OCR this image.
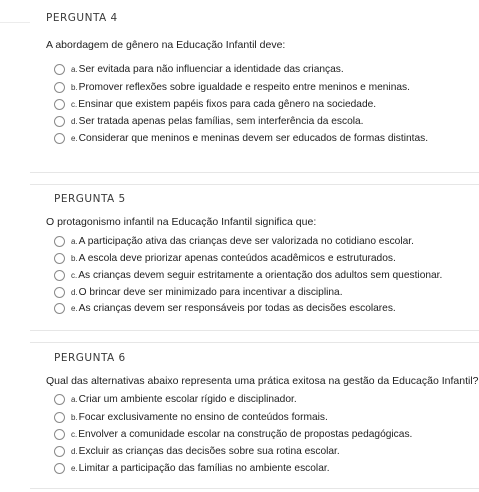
PERGUNTA 4
A abordagem de gênero na Educação Infantil deve:
a. Ser evitada para não influenciar a identidade das crianças.
b. Promover reflexões sobre igualdade e respeito entre meninos e meninas.
c. Ensinar que existem papéis fixos para cada gênero na sociedade.
d. Ser tratada apenas pelas famílias, sem interferência da escola.
e. Considerar que meninos e meninas devem ser educados de formas distintas.
PERGUNTA 5
O protagonismo infantil na Educação Infantil significa que:
a. A participação ativa das crianças deve ser valorizada no cotidiano escolar.
b. A escola deve priorizar apenas conteúdos acadêmicos e estruturados.
c. As crianças devem seguir estritamente a orientação dos adultos sem questionar.
d. O brincar deve ser minimizado para incentivar a disciplina.
e. As crianças devem ser responsáveis por todas as decisões escolares.
PERGUNTA 6
Qual das alternativas abaixo representa uma prática exitosa na gestão da Educação Infantil?
a. Criar um ambiente escolar rígido e disciplinador.
b. Focar exclusivamente no ensino de conteúdos formais.
c. Envolver a comunidade escolar na construção de propostas pedagógicas.
d. Excluir as crianças das decisões sobre sua rotina escolar.
e. Limitar a participação das famílias no ambiente escolar.
